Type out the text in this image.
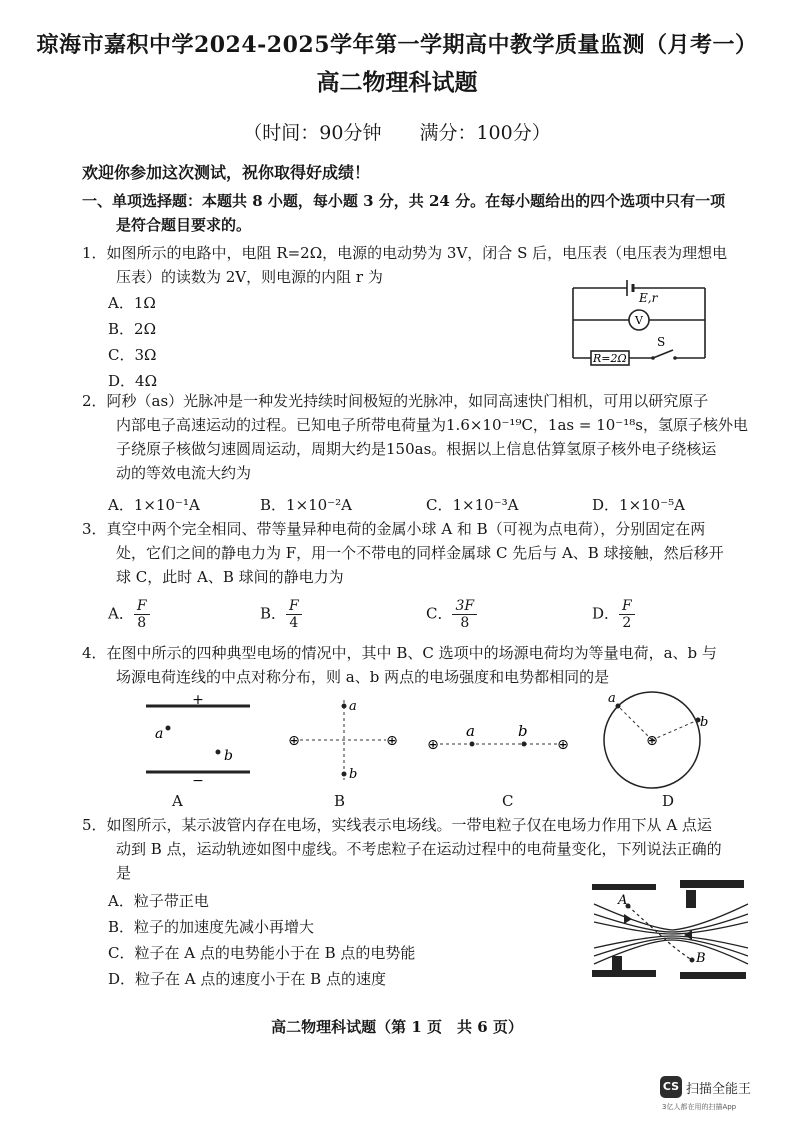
琼海市嘉积中学2024-2025学年第一学期高中教学质量监测（月考一）
高二物理科试题
（时间：90分钟　　满分：100分）
欢迎你参加这次测试，祝你取得好成绩！
一、单项选择题：本题共 8 小题，每小题 3 分，共 24 分。在每小题给出的四个选项中只有一项
是符合题目要求的。
1．如图所示的电路中，电阻 R=2Ω，电源的电动势为 3V，闭合 S 后，电压表（电压表为理想电
压表）的读数为 2V，则电源的内阻 r 为
A．1Ω
B．2Ω
C．3Ω
D．4Ω
E,r
V
R=2Ω
S
2．阿秒（as）光脉冲是一种发光持续时间极短的光脉冲，如同高速快门相机，可用以研究原子
内部电子高速运动的过程。已知电子所带电荷量为1.6×10⁻¹⁹C，1as = 10⁻¹⁸s，氢原子核外电
子绕原子核做匀速圆周运动，周期大约是150as。根据以上信息估算氢原子核外电子绕核运
动的等效电流大约为
A．1×10⁻¹A	B．1×10⁻²A	C．1×10⁻³A	D．1×10⁻⁵A
3．真空中两个完全相同、带等量异种电荷的金属小球 A 和 B（可视为点电荷），分别固定在两
处，它们之间的静电力为 F，用一个不带电的同样金属球 C 先后与 A、B 球接触，然后移开
球 C，此时 A、B 球间的静电力为
A． $\frac{F}{8}$	B． $\frac{F}{4}$	C． $\frac{3F}{8}$	D． $\frac{F}{2}$
4．在图中所示的四种典型电场的情况中，其中 B、C 选项中的场源电荷均为等量电荷，a、b 与
场源电荷连线的中点对称分布，则 a、b 两点的电场强度和电势都相同的是
+
−
a
b
A
⊕	⊕
a
b
B
⊕	⊕
a	b
C
a
b
⊕
D
5．如图所示，某示波管内存在电场，实线表示电场线。一带电粒子仅在电场力作用下从 A 点运
动到 B 点，运动轨迹如图中虚线。不考虑粒子在运动过程中的电荷量变化，下列说法正确的
是
A．粒子带正电
B．粒子的加速度先减小再增大
C．粒子在 A 点的电势能小于在 B 点的电势能
D．粒子在 A 点的速度小于在 B 点的速度
A
B
高二物理科试题（第 1 页　共 6 页）
CS 扫描全能王
3亿人都在用的扫描App
